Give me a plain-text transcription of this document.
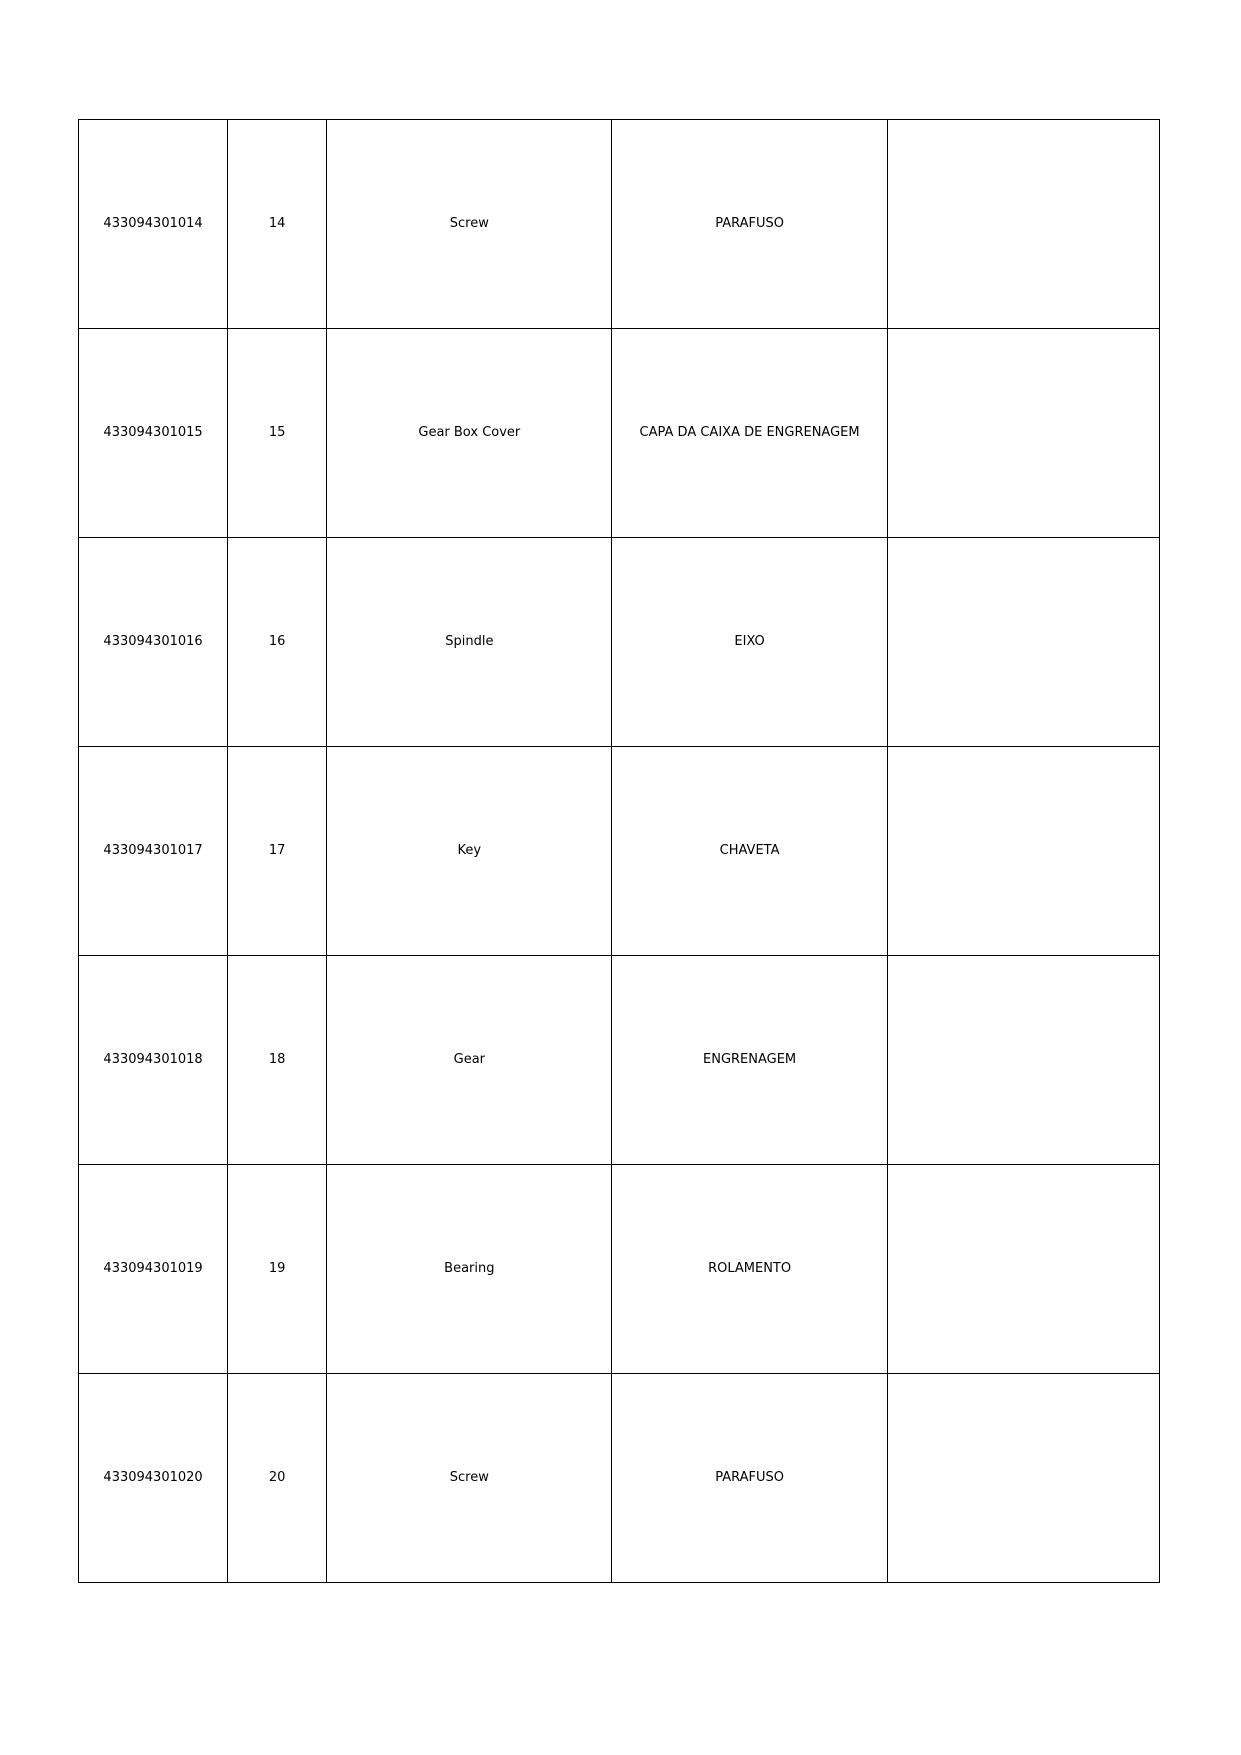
433094301014	14	Screw	PARAFUSO	
433094301015	15	Gear Box Cover	CAPA DA CAIXA DE ENGRENAGEM	
433094301016	16	Spindle	EIXO	
433094301017	17	Key	CHAVETA	
433094301018	18	Gear	ENGRENAGEM	
433094301019	19	Bearing	ROLAMENTO	
433094301020	20	Screw	PARAFUSO	
